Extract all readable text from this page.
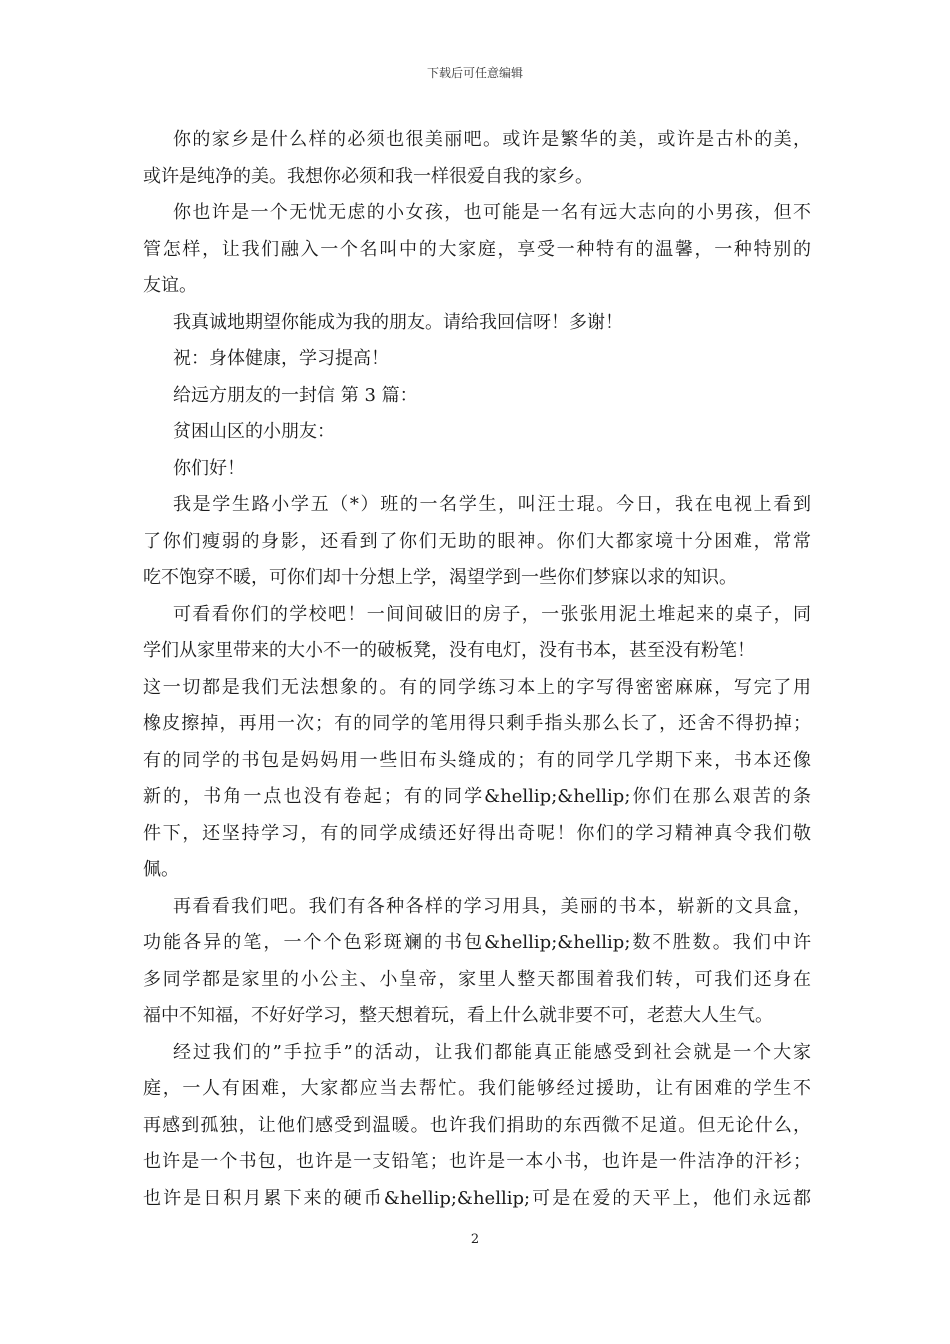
下载后可任意编辑
你的家乡是什么样的必须也很美丽吧。或许是繁华的美，或许是古朴的美，
或许是纯净的美。我想你必须和我一样很爱自我的家乡。
你也许是一个无忧无虑的小女孩，也可能是一名有远大志向的小男孩，但不
管怎样，让我们融入一个名叫中的大家庭，享受一种特有的温馨，一种特别的
友谊。
我真诚地期望你能成为我的朋友。请给我回信呀！多谢！
祝：身体健康，学习提高！
给远方朋友的一封信 第 3 篇：
贫困山区的小朋友：
你们好！
我是学生路小学五（*）班的一名学生，叫汪士琨。今日，我在电视上看到
了你们瘦弱的身影，还看到了你们无助的眼神。你们大都家境十分困难，常常
吃不饱穿不暖，可你们却十分想上学，渴望学到一些你们梦寐以求的知识。
可看看你们的学校吧！一间间破旧的房子，一张张用泥土堆起来的桌子，同
学们从家里带来的大小不一的破板凳，没有电灯，没有书本，甚至没有粉笔！
这一切都是我们无法想象的。有的同学练习本上的字写得密密麻麻，写完了用
橡皮擦掉，再用一次；有的同学的笔用得只剩手指头那么长了，还舍不得扔掉；
有的同学的书包是妈妈用一些旧布头缝成的；有的同学几学期下来，书本还像
新的，书角一点也没有卷起；有的同学&hellip;&hellip;你们在那么艰苦的条
件下，还坚持学习，有的同学成绩还好得出奇呢！你们的学习精神真令我们敬
佩。
再看看我们吧。我们有各种各样的学习用具，美丽的书本，崭新的文具盒，
功能各异的笔，一个个色彩斑斓的书包&hellip;&hellip;数不胜数。我们中许
多同学都是家里的小公主、小皇帝，家里人整天都围着我们转，可我们还身在
福中不知福，不好好学习，整天想着玩，看上什么就非要不可，老惹大人生气。
经过我们的”手拉手”的活动，让我们都能真正能感受到社会就是一个大家
庭，一人有困难，大家都应当去帮忙。我们能够经过援助，让有困难的学生不
再感到孤独，让他们感受到温暖。也许我们捐助的东西微不足道。但无论什么，
也许是一个书包，也许是一支铅笔；也许是一本小书，也许是一件洁净的汗衫；
也许是日积月累下来的硬币&hellip;&hellip;可是在爱的天平上，他们永远都
2
